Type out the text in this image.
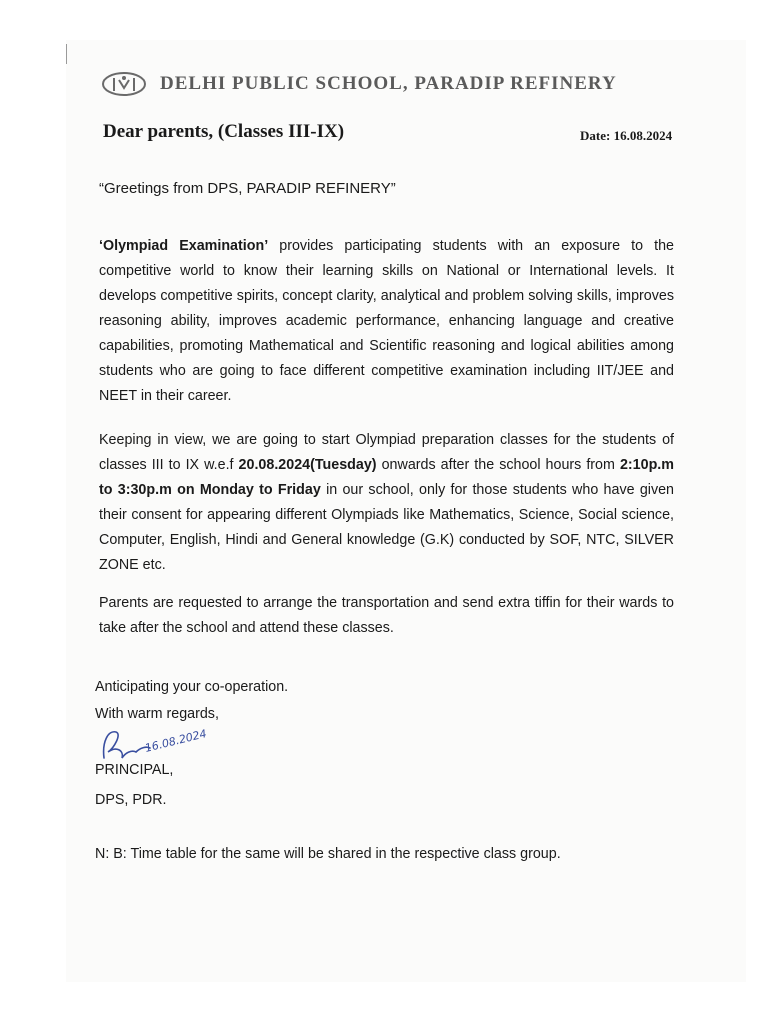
DELHI PUBLIC SCHOOL, PARADIP REFINERY
Dear parents, (Classes III-IX)	Date: 16.08.2024
“Greetings from DPS, PARADIP REFINERY”
‘Olympiad Examination’ provides participating students with an exposure to the competitive world to know their learning skills on National or International levels. It develops competitive spirits, concept clarity, analytical and problem solving skills, improves reasoning ability, improves academic performance, enhancing language and creative capabilities, promoting Mathematical and Scientific reasoning and logical abilities among students who are going to face different competitive examination including IIT/JEE and NEET in their career.
Keeping in view, we are going to start Olympiad preparation classes for the students of classes III to IX w.e.f 20.08.2024(Tuesday) onwards after the school hours from 2:10p.m to 3:30p.m on Monday to Friday in our school, only for those students who have given their consent for appearing different Olympiads like Mathematics, Science, Social science, Computer, English, Hindi and General knowledge (G.K) conducted by SOF, NTC, SILVER ZONE etc.
Parents are requested to arrange the transportation and send extra tiffin for their wards to take after the school and attend these classes.
Anticipating your co-operation.
With warm regards,
16.08.2024
PRINCIPAL,
DPS, PDR.
N: B: Time table for the same will be shared in the respective class group.
